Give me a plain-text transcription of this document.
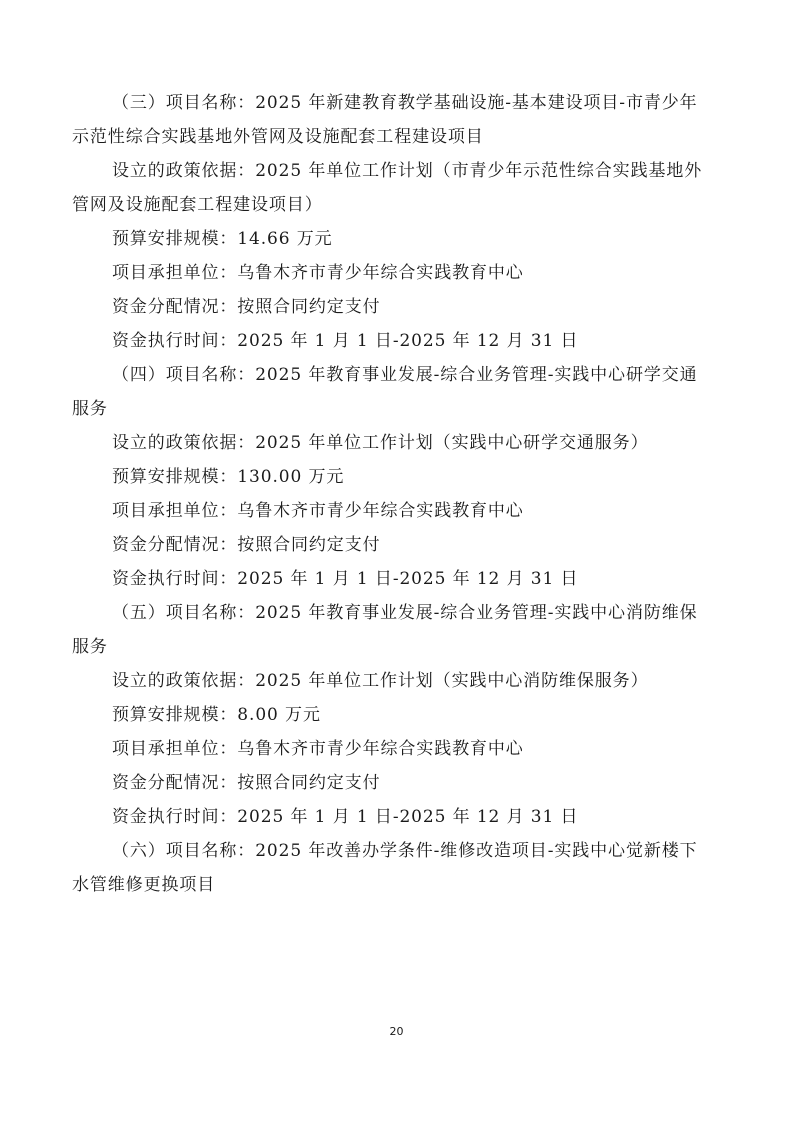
（三）项目名称：2025 年新建教育教学基础设施-基本建设项目-市青少年
示范性综合实践基地外管网及设施配套工程建设项目
设立的政策依据：2025 年单位工作计划（市青少年示范性综合实践基地外
管网及设施配套工程建设项目）
预算安排规模：14.66 万元
项目承担单位：乌鲁木齐市青少年综合实践教育中心
资金分配情况：按照合同约定支付
资金执行时间：2025 年 1 月 1 日-2025 年 12 月 31 日
（四）项目名称：2025 年教育事业发展-综合业务管理-实践中心研学交通
服务
设立的政策依据：2025 年单位工作计划（实践中心研学交通服务）
预算安排规模：130.00 万元
项目承担单位：乌鲁木齐市青少年综合实践教育中心
资金分配情况：按照合同约定支付
资金执行时间：2025 年 1 月 1 日-2025 年 12 月 31 日
（五）项目名称：2025 年教育事业发展-综合业务管理-实践中心消防维保
服务
设立的政策依据：2025 年单位工作计划（实践中心消防维保服务）
预算安排规模：8.00 万元
项目承担单位：乌鲁木齐市青少年综合实践教育中心
资金分配情况：按照合同约定支付
资金执行时间：2025 年 1 月 1 日-2025 年 12 月 31 日
（六）项目名称：2025 年改善办学条件-维修改造项目-实践中心觉新楼下
水管维修更换项目
20
